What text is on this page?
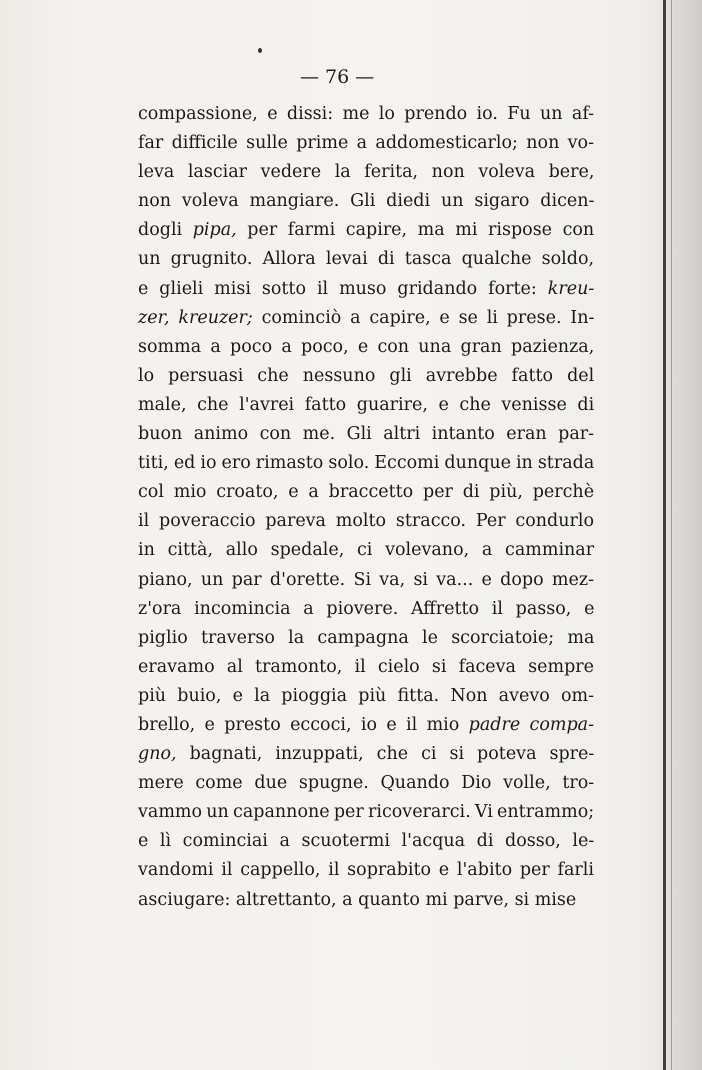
— 76 —
compassione, e dissi: me lo prendo io. Fu un af-
far difficile sulle prime a addomesticarlo; non vo-
leva lasciar vedere la ferita, non voleva bere,
non voleva mangiare. Gli diedi un sigaro dicen-
dogli pipa, per farmi capire, ma mi rispose con
un grugnito. Allora levai di tasca qualche soldo,
e glieli misi sotto il muso gridando forte: kreu-
zer, kreuzer; cominciò a capire, e se li prese. In-
somma a poco a poco, e con una gran pazienza,
lo persuasi che nessuno gli avrebbe fatto del
male, che l'avrei fatto guarire, e che venisse di
buon animo con me. Gli altri intanto eran par-
titi, ed io ero rimasto solo. Eccomi dunque in strada
col mio croato, e a braccetto per di più, perchè
il poveraccio pareva molto stracco. Per condurlo
in città, allo spedale, ci volevano, a camminar
piano, un par d'orette. Si va, si va... e dopo mez-
z'ora incomincia a piovere. Affretto il passo, e
piglio traverso la campagna le scorciatoie; ma
eravamo al tramonto, il cielo si faceva sempre
più buio, e la pioggia più fitta. Non avevo om-
brello, e presto eccoci, io e il mio padre compa-
gno, bagnati, inzuppati, che ci si poteva spre-
mere come due spugne. Quando Dio volle, tro-
vammo un capannone per ricoverarci. Vi entrammo;
e lì cominciai a scuotermi l'acqua di dosso, le-
vandomi il cappello, il soprabito e l'abito per farli
asciugare: altrettanto, a quanto mi parve, si mise
